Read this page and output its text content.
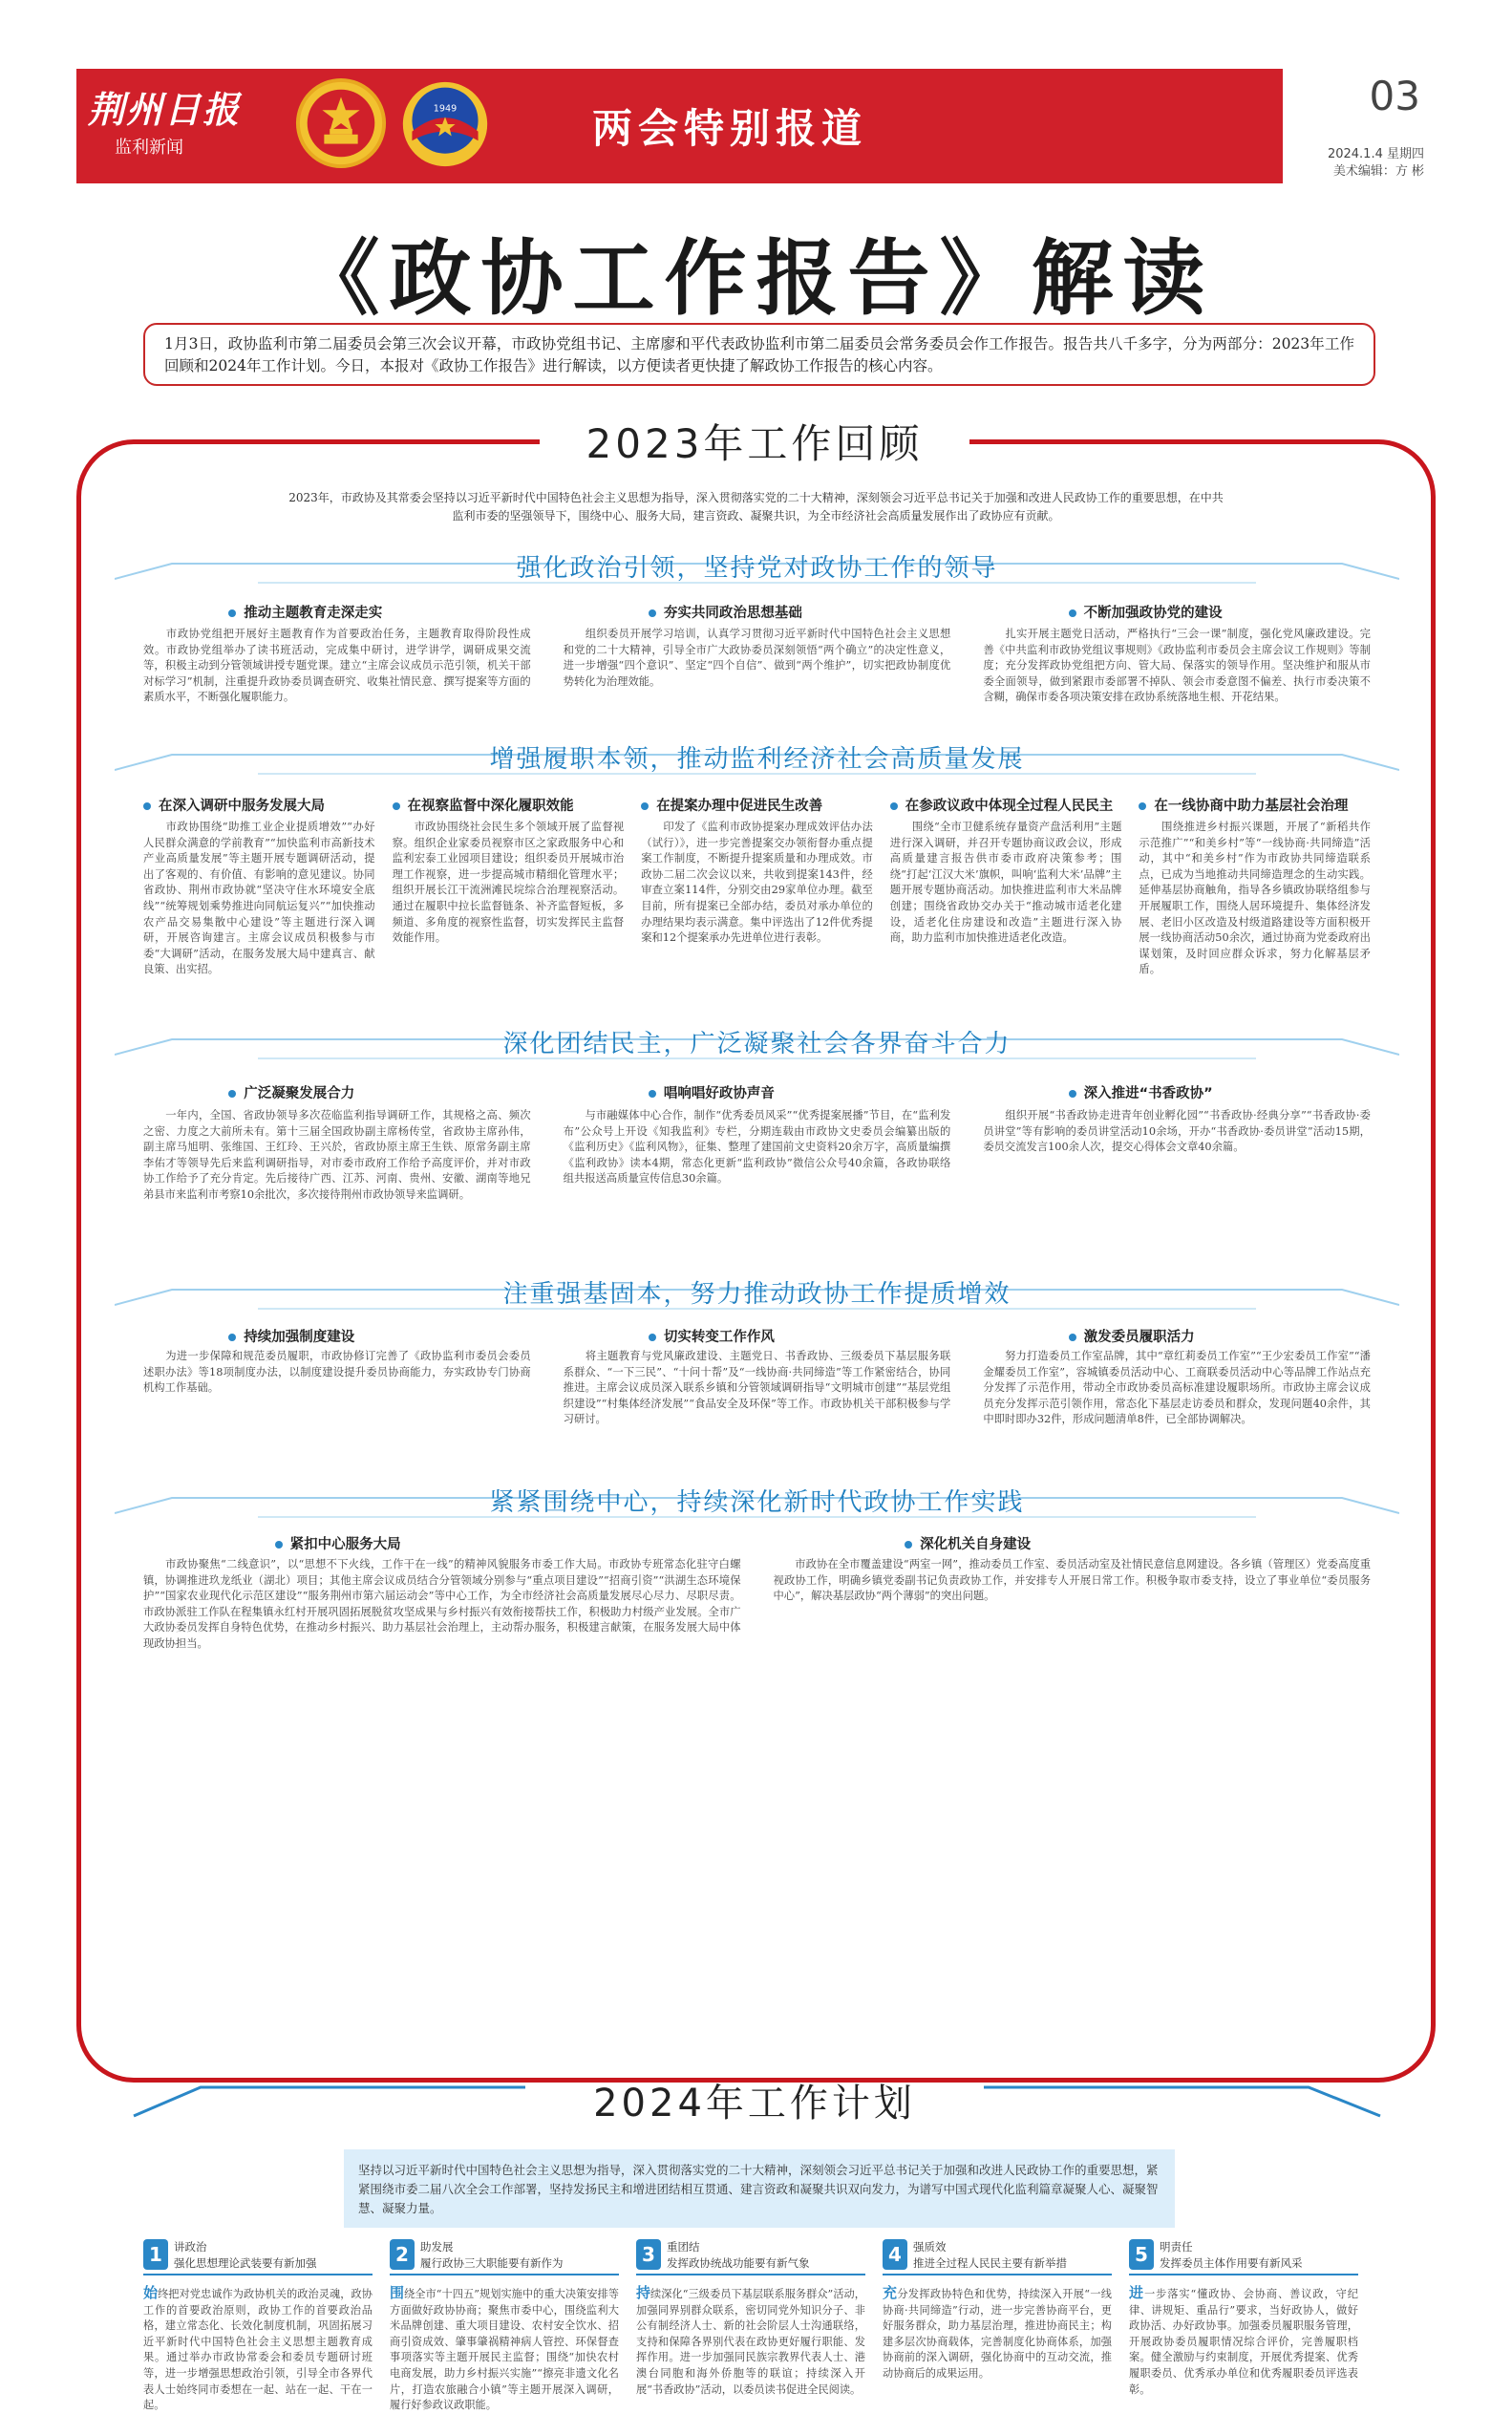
荆州日报
监利新闻
1949	两会特别报道
03
2024.1.4 星期四
美术编辑：方 彬
《政协工作报告》解读
1月3日，政协监利市第二届委员会第三次会议开幕，市政协党组书记、主席廖和平代表政协监利市第二届委员会常务委员会作工作报告。报告共八千多字，分为两部分：2023年工作回顾和2024年工作计划。今日，本报对《政协工作报告》进行解读，以方便读者更快捷了解政协工作报告的核心内容。
2023年工作回顾
2023年，市政协及其常委会坚持以习近平新时代中国特色社会主义思想为指导，深入贯彻落实党的二十大精神，深刻领会习近平总书记关于加强和改进人民政协工作的重要思想，在中共监利市委的坚强领导下，围绕中心、服务大局，建言资政、凝聚共识，为全市经济社会高质量发展作出了政协应有贡献。
强化政治引领，坚持党对政协工作的领导
推动主题教育走深走实
　　市政协党组把开展好主题教育作为首要政治任务，主题教育取得阶段性成效。市政协党组举办了读书班活动，完成集中研讨，进学讲学，调研成果交流等，积极主动到分管领域讲授专题党课。建立“主席会议成员示范引领，机关干部对标学习”机制，注重提升政协委员调查研究、收集社情民意、撰写提案等方面的素质水平，不断强化履职能力。
夯实共同政治思想基础
　　组织委员开展学习培训，认真学习贯彻习近平新时代中国特色社会主义思想和党的二十大精神，引导全市广大政协委员深刻领悟“两个确立”的决定性意义，进一步增强“四个意识”、坚定“四个自信”、做到“两个维护”，切实把政协制度优势转化为治理效能。
不断加强政协党的建设
　　扎实开展主题党日活动，严格执行“三会一课”制度，强化党风廉政建设。完善《中共监利市政协党组议事规则》《政协监利市委员会主席会议工作规则》等制度；充分发挥政协党组把方向、管大局、保落实的领导作用。坚决维护和服从市委全面领导，做到紧跟市委部署不掉队、领会市委意图不偏差、执行市委决策不含糊，确保市委各项决策安排在政协系统落地生根、开花结果。
增强履职本领，推动监利经济社会高质量发展
在深入调研中服务发展大局
　　市政协围绕“助推工业企业提质增效”“办好人民群众满意的学前教育”“加快监利市高新技术产业高质量发展”等主题开展专题调研活动，提出了客观的、有价值、有影响的意见建议。协同省政协、荆州市政协就“坚决守住水环境安全底线”“统筹规划乘势推进向同航运复兴”“加快推动农产品交易集散中心建设”等主题进行深入调研，开展咨询建言。主席会议成员积极参与市委“大调研”活动，在服务发展大局中建真言、献良策、出实招。
在视察监督中深化履职效能
　　市政协围绕社会民生多个领域开展了监督视察。组织企业家委员视察市区之家政服务中心和监利宏泰工业园项目建设；组织委员开展城市治理工作视察，进一步提高城市精细化管理水平；组织开展长江干流洲滩民垸综合治理视察活动。通过在履职中拉长监督链条、补齐监督短板，多频道、多角度的视察性监督，切实发挥民主监督效能作用。
在提案办理中促进民生改善
　　印发了《监利市政协提案办理成效评估办法（试行）》，进一步完善提案交办领衔督办重点提案工作制度，不断提升提案质量和办理成效。市政协二届二次会议以来，共收到提案143件，经审查立案114件，分别交由29家单位办理。截至目前，所有提案已全部办结，委员对承办单位的办理结果均表示满意。集中评选出了12件优秀提案和12个提案承办先进单位进行表彰。
在参政议政中体现全过程人民民主
　　围绕“全市卫健系统存量资产盘活利用”主题进行深入调研，并召开专题协商议政会议，形成高质量建言报告供市委市政府决策参考；围绕“打起‘江汉大米’旗帜，叫响‘监利大米’品牌”主题开展专题协商活动。加快推进监利市大米品牌创建；围绕省政协交办关于“推动城市适老化建设，适老化住房建设和改造”主题进行深入协商，助力监利市加快推进适老化改造。
在一线协商中助力基层社会治理
　　围绕推进乡村振兴课题，开展了“新稻共作示范推广”“和美乡村”等“一线协商·共同缔造”活动，其中“和美乡村”作为市政协共同缔造联系点，已成为当地推动共同缔造理念的生动实践。延伸基层协商触角，指导各乡镇政协联络组参与开展履职工作，围绕人居环境提升、集体经济发展、老旧小区改造及村级道路建设等方面积极开展一线协商活动50余次，通过协商为党委政府出谋划策，及时回应群众诉求，努力化解基层矛盾。
深化团结民主，广泛凝聚社会各界奋斗合力
广泛凝聚发展合力
　　一年内，全国、省政协领导多次莅临监利指导调研工作，其规格之高、频次之密、力度之大前所未有。第十三届全国政协副主席杨传堂，省政协主席孙伟，副主席马旭明、张维国、王红玲、王兴於，省政协原主席王生铁、原常务副主席李佑才等领导先后来监利调研指导，对市委市政府工作给予高度评价，并对市政协工作给予了充分肯定。先后接待广西、江苏、河南、贵州、安徽、湖南等地兄弟县市来监利市考察10余批次，多次接待荆州市政协领导来监调研。
唱响唱好政协声音
　　与市融媒体中心合作，制作“优秀委员风采”“优秀提案展播”节目，在“监利发布”公众号上开设《知我监利》专栏，分期连载由市政协文史委员会编纂出版的《监利历史》《监利风物》，征集、整理了建国前文史资料20余万字，高质量编撰《监利政协》读本4期，常态化更新“监利政协”微信公众号40余篇，各政协联络组共报送高质量宣传信息30余篇。
深入推进“书香政协”
　　组织开展“书香政协走进青年创业孵化园”“书香政协·经典分享”“书香政协·委员讲堂”等有影响的委员讲堂活动10余场，开办“书香政协·委员讲堂”活动15期，委员交流发言100余人次，提交心得体会文章40余篇。
注重强基固本，努力推动政协工作提质增效
持续加强制度建设
　　为进一步保障和规范委员履职，市政协修订完善了《政协监利市委员会委员述职办法》等18项制度办法，以制度建设提升委员协商能力，夯实政协专门协商机构工作基础。
切实转变工作作风
　　将主题教育与党风廉政建设、主题党日、书香政协、三级委员下基层服务联系群众、“一下三民”、“十问十帮”及“一线协商·共同缔造”等工作紧密结合，协同推进。主席会议成员深入联系乡镇和分管领域调研指导“文明城市创建”“基层党组织建设”“村集体经济发展”“食品安全及环保”等工作。市政协机关干部积极参与学习研讨。
激发委员履职活力
　　努力打造委员工作室品牌，其中“章红莉委员工作室”“王少宏委员工作室”“潘金耀委员工作室”，容城镇委员活动中心、工商联委员活动中心等品牌工作站点充分发挥了示范作用，带动全市政协委员高标准建设履职场所。市政协主席会议成员充分发挥示范引领作用，常态化下基层走访委员和群众，发现问题40余件，其中即时即办32件，形成问题清单8件，已全部协调解决。
紧紧围绕中心，持续深化新时代政协工作实践
紧扣中心服务大局
　　市政协聚焦“二线意识”，以“思想不下火线，工作干在一线”的精神风貌服务市委工作大局。市政协专班常态化驻守白螺镇，协调推进玖龙纸业（湖北）项目；其他主席会议成员结合分管领域分别参与“重点项目建设”“招商引资”“洪湖生态环境保护”“国家农业现代化示范区建设”“服务荆州市第六届运动会”等中心工作，为全市经济社会高质量发展尽心尽力、尽职尽责。市政协派驻工作队在程集镇永红村开展巩固拓展脱贫攻坚成果与乡村振兴有效衔接帮扶工作，积极助力村级产业发展。全市广大政协委员发挥自身特色优势，在推动乡村振兴、助力基层社会治理上，主动帮办服务，积极建言献策，在服务发展大局中体现政协担当。
深化机关自身建设
　　市政协在全市覆盖建设“两室一网”，推动委员工作室、委员活动室及社情民意信息网建设。各乡镇（管理区）党委高度重视政协工作，明确乡镇党委副书记负责政协工作，并安排专人开展日常工作。积极争取市委支持，设立了事业单位“委员服务中心”，解决基层政协“两个薄弱”的突出问题。
2024年工作计划
坚持以习近平新时代中国特色社会主义思想为指导，深入贯彻落实党的二十大精神，深刻领会习近平总书记关于加强和改进人民政协工作的重要思想，紧紧围绕市委二届八次全会工作部署，坚持发扬民主和增进团结相互贯通、建言资政和凝聚共识双向发力，为谱写中国式现代化监利篇章凝聚人心、凝聚智慧、凝聚力量。
1	讲政治
强化思想理论武装要有新加强
始终把对党忠诚作为政协机关的政治灵魂，政协工作的首要政治原则，政协工作的首要政治品格，建立常态化、长效化制度机制，巩固拓展习近平新时代中国特色社会主义思想主题教育成果。通过举办市政协常委会和委员专题研讨班等，进一步增强思想政治引领，引导全市各界代表人士始终同市委想在一起、站在一起、干在一起。
2	助发展
履行政协三大职能要有新作为
围绕全市“十四五”规划实施中的重大决策安排等方面做好政协协商；聚焦市委中心，围绕监利大米品牌创建、重大项目建设、农村安全饮水、招商引资成效、肇事肇祸精神病人管控、环保督查事项落实等主题开展民主监督；围绕“加快农村电商发展，助力乡村振兴实施”“擦亮非遗文化名片，打造农旅融合小镇”等主题开展深入调研，履行好参政议政职能。
3	重团结
发挥政协统战功能要有新气象
持续深化“三级委员下基层联系服务群众”活动，加强同界别群众联系，密切同党外知识分子、非公有制经济人士、新的社会阶层人士沟通联络，支持和保障各界别代表在政协更好履行职能、发挥作用。进一步加强同民族宗教界代表人士、港澳台同胞和海外侨胞等的联谊；持续深入开展“书香政协”活动，以委员读书促进全民阅读。
4	强质效
推进全过程人民民主要有新举措
充分发挥政协特色和优势，持续深入开展“一线协商·共同缔造”行动，进一步完善协商平台，更好服务群众，助力基层治理，推进协商民主；构建多层次协商载体，完善制度化协商体系，加强协商前的深入调研，强化协商中的互动交流，推动协商后的成果运用。
5	明责任
发挥委员主体作用要有新风采
进一步落实“懂政协、会协商、善议政，守纪律、讲规矩、重品行”要求，当好政协人，做好政协活、办好政协事。加强委员履职服务管理，开展政协委员履职情况综合评价，完善履职档案。健全激励与约束制度，开展优秀提案、优秀履职委员、优秀承办单位和优秀履职委员评选表彰。
